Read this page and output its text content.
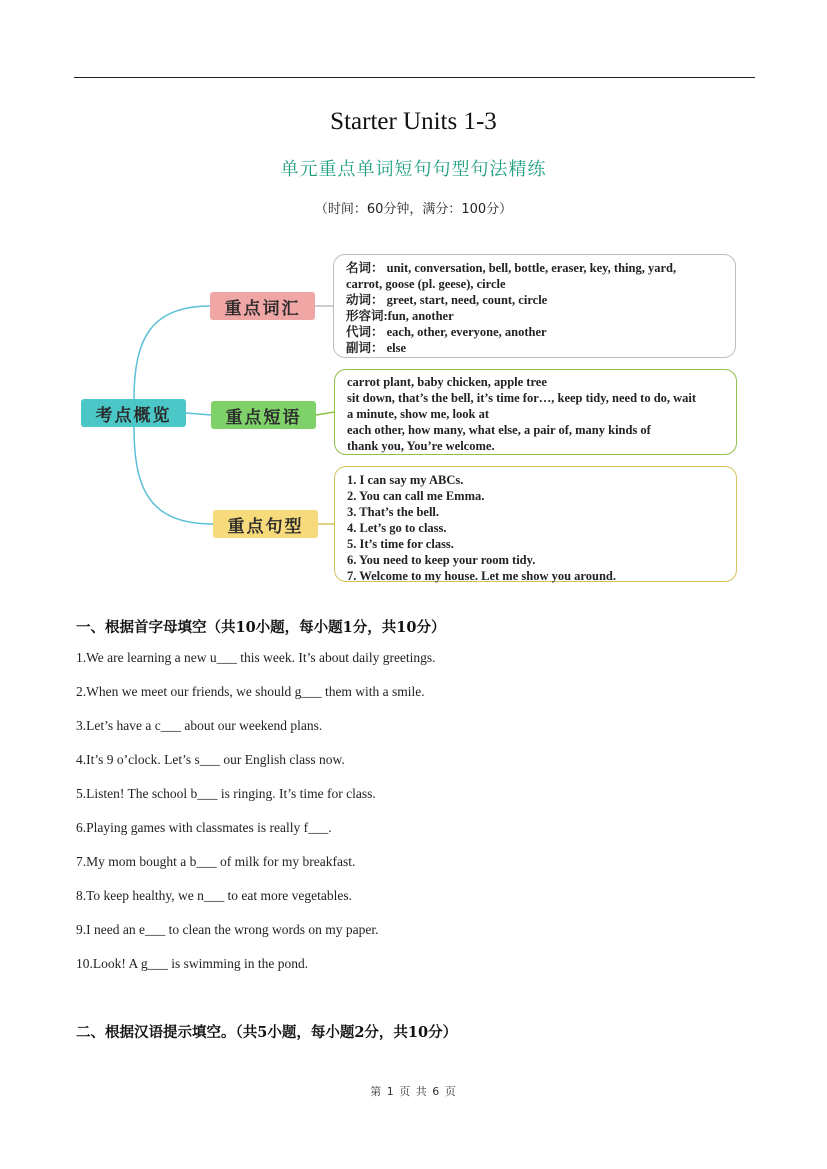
Starter Units 1-3
单元重点单词短句句型句法精练
（时间：60分钟，满分：100分）
考点概览
重点词汇
重点短语
重点句型
名词： unit, conversation, bell, bottle, eraser, key, thing, yard,
carrot, goose (pl. geese), circle
动词： greet, start, need, count, circle
形容词:fun, another
代词： each, other, everyone, another
副词： else
carrot plant, baby chicken, apple tree
sit down, that’s the bell, it’s time for…, keep tidy, need to do, wait
a minute, show me, look at
each other, how many, what else, a pair of, many kinds of
thank you, You’re welcome.
1. I can say my ABCs.
2. You can call me Emma.
3. That’s the bell.
4. Let’s go to class.
5. It’s time for class.
6. You need to keep your room tidy.
7. Welcome to my house. Let me show you around.
一、根据首字母填空（共10小题，每小题1分，共10分）
1.We are learning a new u___ this week. It’s about daily greetings.
2.When we meet our friends, we should g___ them with a smile.
3.Let’s have a c___ about our weekend plans.
4.It’s 9 o’clock. Let’s s___ our English class now.
5.Listen! The school b___ is ringing. It’s time for class.
6.Playing games with classmates is really f___.
7.My mom bought a b___ of milk for my breakfast.
8.To keep healthy, we n___ to eat more vegetables.
9.I need an e___ to clean the wrong words on my paper.
10.Look! A g___ is swimming in the pond.
二、根据汉语提示填空。（共5小题，每小题2分，共10分）
第 1 页 共 6 页
